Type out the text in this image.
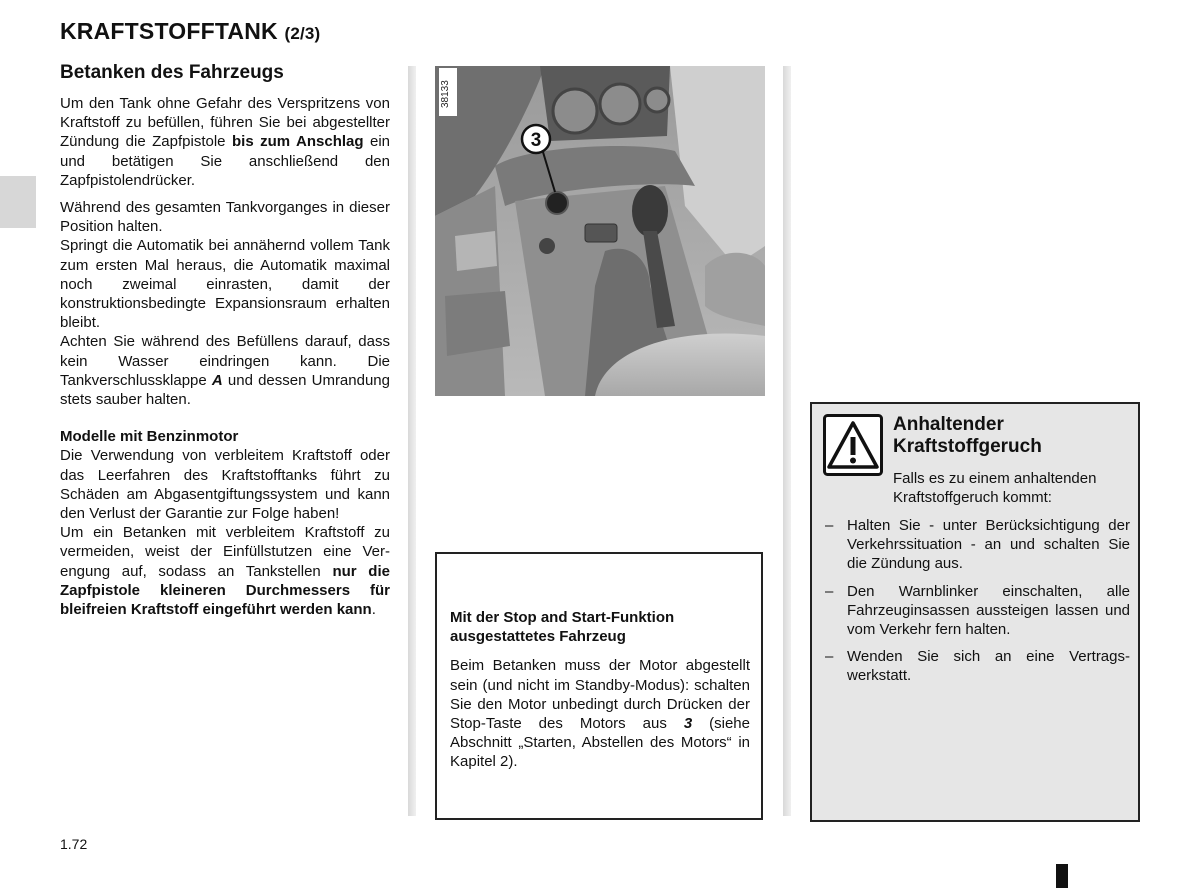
KRAFTSTOFFTANK (2/3)
Betanken des Fahrzeugs

Um den Tank ohne Gefahr des Verspritzens von Kraftstoff zu befüllen, führen Sie bei abgestellter Zündung die Zapfpistole bis zum Anschlag ein und betätigen Sie anschließend den Zapfpistolendrücker.

Während des gesamten Tankvorganges in dieser Position halten.

Springt die Automatik bei annähernd vollem Tank zum ersten Mal heraus, die Automatik maximal noch zweimal einrasten, damit der konstruktionsbedingte Expansionsraum erhalten bleibt.

Achten Sie während des Befüllens darauf, dass kein Wasser eindringen kann. Die Tankverschlussklappe A und dessen Umrandung stets sauber halten.

Modelle mit Benzinmotor

Die Verwendung von verbleitem Kraftstoff oder das Leerfahren des Kraftstofftanks führt zu Schäden am Abgasentgiftungssystem und kann den Verlust der Garantie zur Folge haben!

Um ein Betanken mit verbleitem Kraftstoff zu vermeiden, weist der Einfüllstutzen eine Verengung auf, sodass an Tankstellen nur die Zapfpistole kleineren Durchmessers für bleifreien Kraftstoff eingeführt werden kann.

3
38133
Mit der Stop and Start-Funktion ausgestattetes Fahrzeug

Beim Betanken muss der Motor abgestellt sein (und nicht im Standby-Modus): schalten Sie den Motor unbedingt durch Drücken der Stop-Taste des Motors aus 3 (siehe Abschnitt „Starten, Abstellen des Motors“ in Kapitel 2).

Anhaltender
Kraftstoffgeruch
Falls es zu einem anhaltenden Kraftstoffgeruch kommt:
– Halten Sie - unter Berücksichtigung der Verkehrssituation - an und schalten Sie die Zündung aus.
– Den Warnblinker einschalten, alle Fahrzeuginsassen aussteigen lassen und vom Verkehr fern halten.
– Wenden Sie sich an eine Vertragswerkstatt.
1.72
